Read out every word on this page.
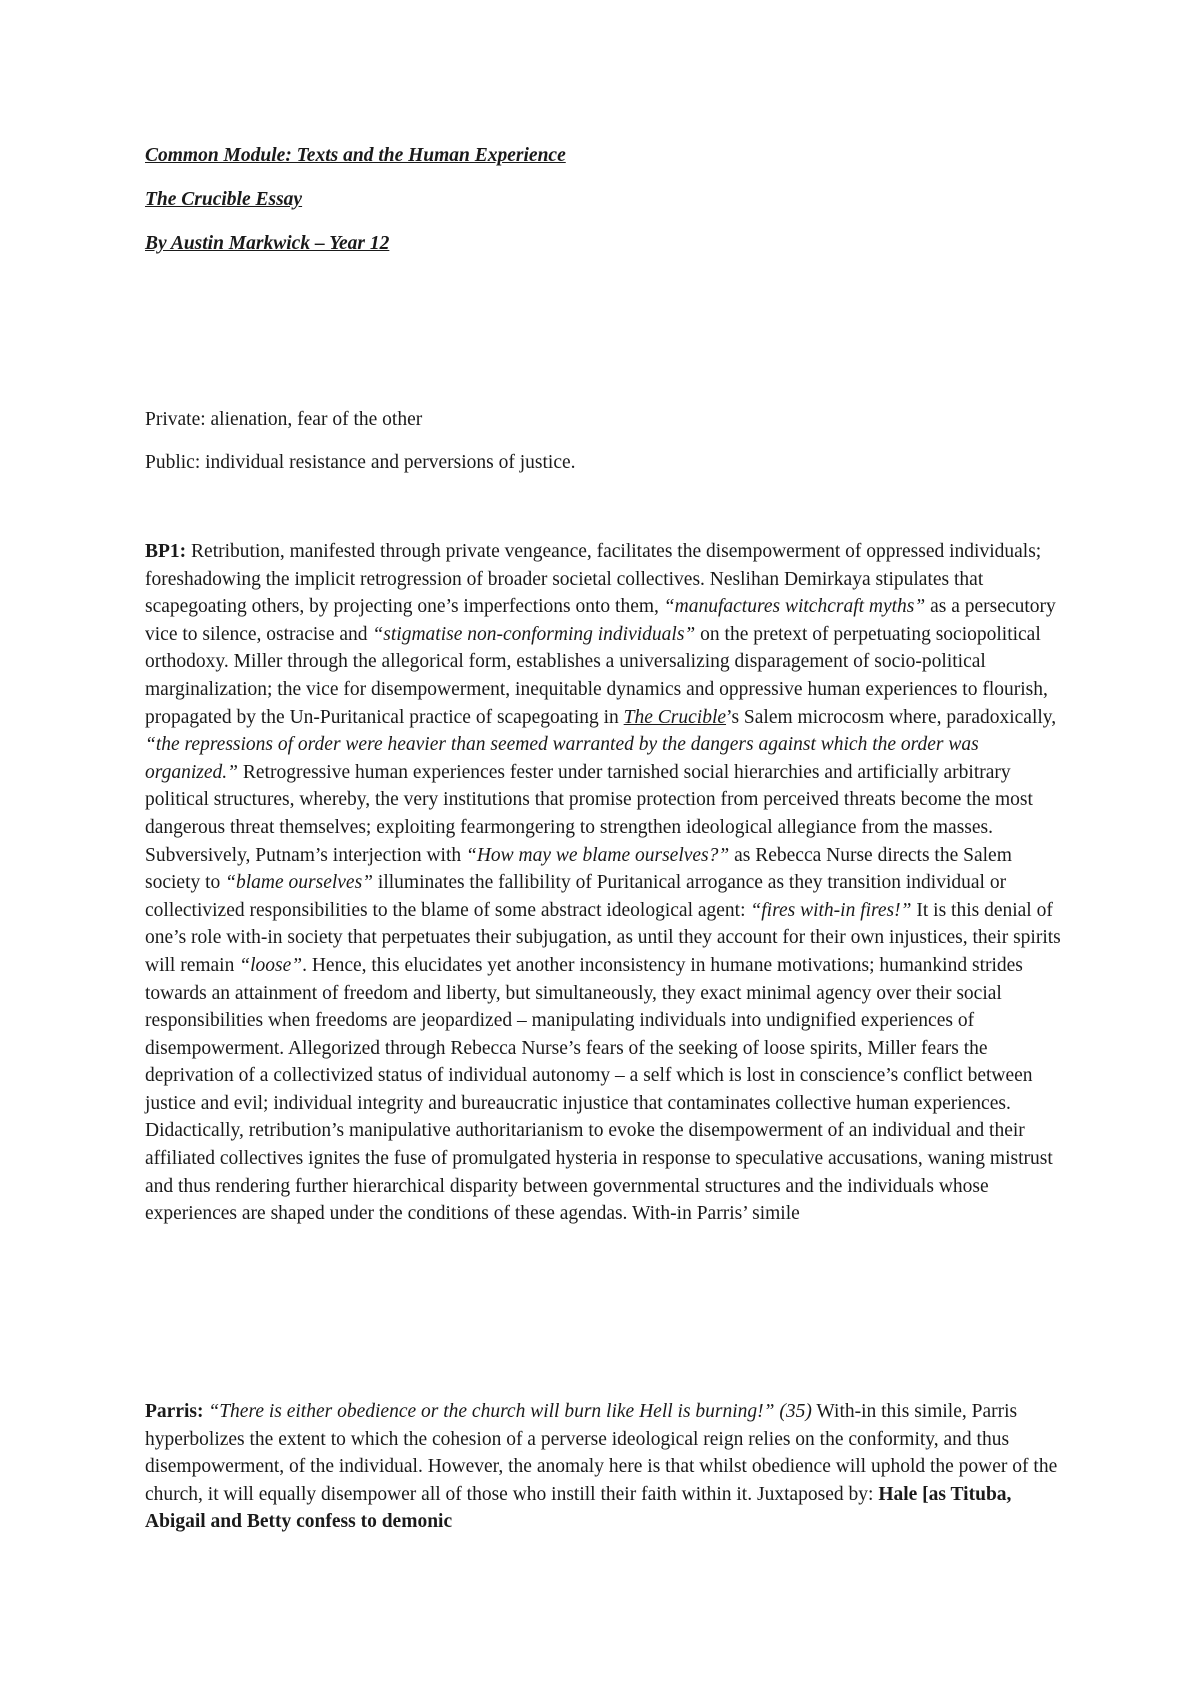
Common Module: Texts and the Human Experience

The Crucible Essay

By Austin Markwick – Year 12

Private: alienation, fear of the other

Public: individual resistance and perversions of justice.

BP1: Retribution, manifested through private vengeance, facilitates the disempowerment of oppressed individuals; foreshadowing the implicit retrogression of broader societal collectives. Neslihan Demirkaya stipulates that scapegoating others, by projecting one’s imperfections onto them, “manufactures witchcraft myths” as a persecutory vice to silence, ostracise and “stigmatise non-conforming individuals” on the pretext of perpetuating sociopolitical orthodoxy. Miller through the allegorical form, establishes a universalizing disparagement of socio-political marginalization; the vice for disempowerment, inequitable dynamics and oppressive human experiences to flourish, propagated by the Un-Puritanical practice of scapegoating in The Crucible’s Salem microcosm where, paradoxically, “the repressions of order were heavier than seemed warranted by the dangers against which the order was organized.” Retrogressive human experiences fester under tarnished social hierarchies and artificially arbitrary political structures, whereby, the very institutions that promise protection from perceived threats become the most dangerous threat themselves; exploiting fearmongering to strengthen ideological allegiance from the masses. Subversively, Putnam’s interjection with “How may we blame ourselves?” as Rebecca Nurse directs the Salem society to “blame ourselves” illuminates the fallibility of Puritanical arrogance as they transition individual or collectivized responsibilities to the blame of some abstract ideological agent: “fires with-in fires!” It is this denial of one’s role with-in society that perpetuates their subjugation, as until they account for their own injustices, their spirits will remain “loose”. Hence, this elucidates yet another inconsistency in humane motivations; humankind strides towards an attainment of freedom and liberty, but simultaneously, they exact minimal agency over their social responsibilities when freedoms are jeopardized – manipulating individuals into undignified experiences of disempowerment. Allegorized through Rebecca Nurse’s fears of the seeking of loose spirits, Miller fears the deprivation of a collectivized status of individual autonomy – a self which is lost in conscience’s conflict between justice and evil; individual integrity and bureaucratic injustice that contaminates collective human experiences. Didactically, retribution’s manipulative authoritarianism to evoke the disempowerment of an individual and their affiliated collectives ignites the fuse of promulgated hysteria in response to speculative accusations, waning mistrust and thus rendering further hierarchical disparity between governmental structures and the individuals whose experiences are shaped under the conditions of these agendas. With-in Parris’ simile

Parris: “There is either obedience or the church will burn like Hell is burning!” (35) With-in this simile, Parris hyperbolizes the extent to which the cohesion of a perverse ideological reign relies on the conformity, and thus disempowerment, of the individual. However, the anomaly here is that whilst obedience will uphold the power of the church, it will equally disempower all of those who instill their faith within it. Juxtaposed by: Hale [as Tituba, Abigail and Betty confess to demonic
